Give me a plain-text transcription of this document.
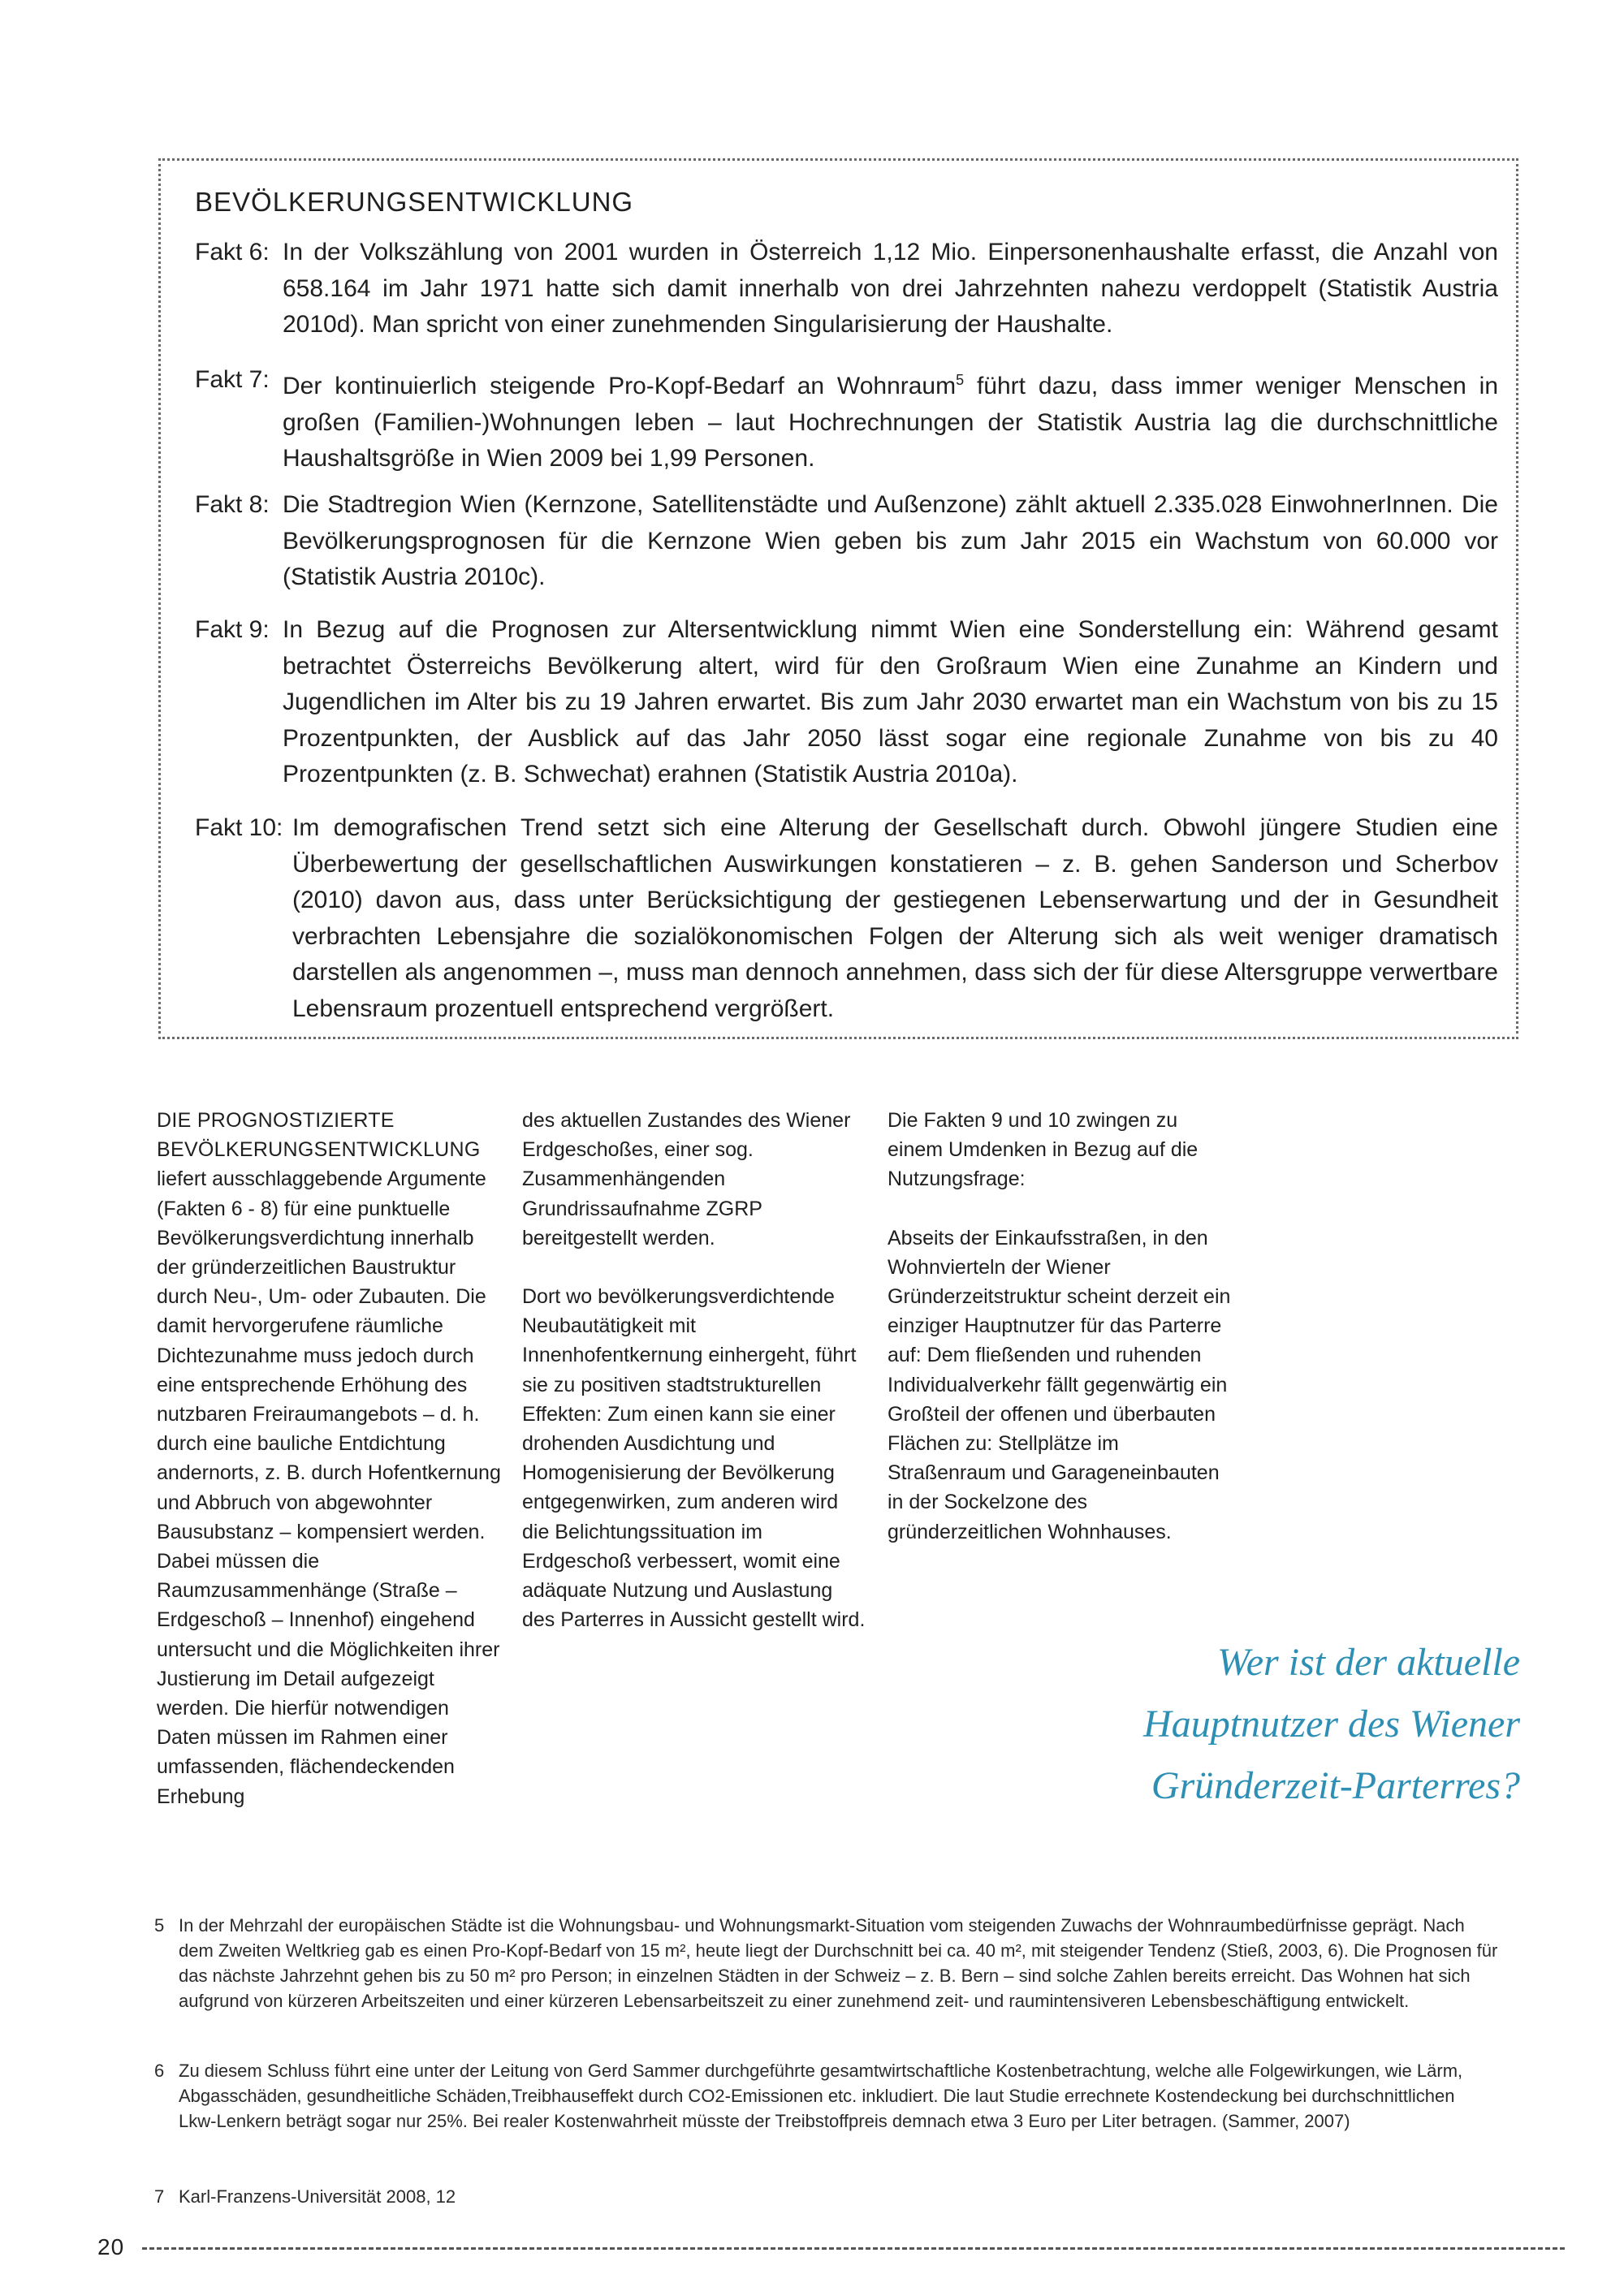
BEVÖLKERUNGSENTWICKLUNG
Fakt 6: In der Volkszählung von 2001 wurden in Österreich 1,12 Mio. Einpersonenhaushalte erfasst, die Anzahl von 658.164 im Jahr 1971 hatte sich damit innerhalb von drei Jahrzehnten nahezu verdoppelt (Statistik Austria 2010d). Man spricht von einer zunehmenden Singularisierung der Haushalte.
Fakt 7: Der kontinuierlich steigende Pro-Kopf-Bedarf an Wohnraum$^5$ führt dazu, dass immer weniger Menschen in großen (Familien-)Wohnungen leben – laut Hochrechnungen der Statistik Austria lag die durchschnittliche Haushaltsgröße in Wien 2009 bei 1,99 Personen.
Fakt 8: Die Stadtregion Wien (Kernzone, Satellitenstädte und Außenzone) zählt aktuell 2.335.028 EinwohnerInnen. Die Bevölkerungsprognosen für die Kernzone Wien geben bis zum Jahr 2015 ein Wachstum von 60.000 vor (Statistik Austria 2010c).
Fakt 9: In Bezug auf die Prognosen zur Altersentwicklung nimmt Wien eine Sonderstellung ein: Während gesamt betrachtet Österreichs Bevölkerung altert, wird für den Großraum Wien eine Zunahme an Kindern und Jugendlichen im Alter bis zu 19 Jahren erwartet. Bis zum Jahr 2030 erwartet man ein Wachstum von bis zu 15 Prozentpunkten, der Ausblick auf das Jahr 2050 lässt sogar eine regionale Zunahme von bis zu 40 Prozentpunkten (z. B. Schwechat) erahnen (Statistik Austria 2010a).
Fakt 10: Im demografischen Trend setzt sich eine Alterung der Gesellschaft durch. Obwohl jüngere Studien eine Überbewertung der gesellschaftlichen Auswirkungen konstatieren – z. B. gehen Sanderson und Scherbov (2010) davon aus, dass unter Berücksichtigung der gestiegenen Lebenserwartung und der in Gesundheit verbrachten Lebensjahre die sozialökonomischen Folgen der Alterung sich als weit weniger dramatisch darstellen als angenommen –, muss man dennoch annehmen, dass sich der für diese Altersgruppe verwertbare Lebensraum prozentuell entsprechend vergrößert.

DIE PROGNOSTIZIERTE BEVÖLKERUNGSENTWICKLUNG
liefert ausschlaggebende Argumente (Fakten 6 - 8) für eine punktuelle Bevölkerungsverdichtung innerhalb der gründerzeitlichen Baustruktur durch Neu-, Um- oder Zubauten. Die damit hervorgerufene räumliche Dichtezunahme muss jedoch durch eine entsprechende Erhöhung des nutzbaren Freiraumangebots – d. h. durch eine bauliche Entdichtung andernorts, z. B. durch Hofentkernung und Abbruch von abgewohnter Bausubstanz – kompensiert werden. Dabei müssen die Raumzusammenhänge (Straße – Erdgeschoß – Innenhof) eingehend untersucht und die Möglichkeiten ihrer Justierung im Detail aufgezeigt werden. Die hierfür notwendigen Daten müssen im Rahmen einer umfassenden, flächendeckenden Erhebung

des aktuellen Zustandes des Wiener Erdgeschoßes, einer sog. Zusammenhängenden Grundrissaufnahme ZGRP bereitgestellt werden.

Dort wo bevölkerungsverdichtende Neubautätigkeit mit Innenhofentkernung einhergeht, führt sie zu positiven stadtstrukturellen Effekten: Zum einen kann sie einer drohenden Ausdichtung und Homogenisierung der Bevölkerung entgegenwirken, zum anderen wird die Belichtungssituation im Erdgeschoß verbessert, womit eine adäquate Nutzung und Auslastung des Parterres in Aussicht gestellt wird.

Die Fakten 9 und 10 zwingen zu einem Umdenken in Bezug auf die Nutzungsfrage:

Abseits der Einkaufsstraßen, in den Wohnvierteln der Wiener Gründerzeitstruktur scheint derzeit ein einziger Hauptnutzer für das Parterre auf: Dem fließenden und ruhenden Individualverkehr fällt gegenwärtig ein Großteil der offenen und überbauten Flächen zu: Stellplätze im Straßenraum und Garageneinbauten in der Sockelzone des gründerzeitlichen Wohnhauses.

Wer ist der aktuelle
Hauptnutzer des Wiener
Gründerzeit-Parterres?
5 In der Mehrzahl der europäischen Städte ist die Wohnungsbau- und Wohnungsmarkt-Situation vom steigenden Zuwachs der Wohnraumbedürfnisse geprägt. Nach dem Zweiten Weltkrieg gab es einen Pro-Kopf-Bedarf von 15 m², heute liegt der Durchschnitt bei ca. 40 m², mit steigender Tendenz (Stieß, 2003, 6). Die Prognosen für das nächste Jahrzehnt gehen bis zu 50 m² pro Person; in einzelnen Städten in der Schweiz – z. B. Bern – sind solche Zahlen bereits erreicht. Das Wohnen hat sich aufgrund von kürzeren Arbeitszeiten und einer kürzeren Lebensarbeitszeit zu einer zunehmend zeit- und raumintensiveren Lebensbeschäftigung entwickelt.
6 Zu diesem Schluss führt eine unter der Leitung von Gerd Sammer durchgeführte gesamtwirtschaftliche Kostenbetrachtung, welche alle Folgewirkungen, wie Lärm, Abgasschäden, gesundheitliche Schäden,Treibhauseffekt durch CO2-Emissionen etc. inkludiert. Die laut Studie errechnete Kostendeckung bei durchschnittlichen Lkw-Lenkern beträgt sogar nur 25%. Bei realer Kostenwahrheit müsste der Treibstoffpreis demnach etwa 3 Euro per Liter betragen. (Sammer, 2007)
7 Karl-Franzens-Universität 2008, 12
20
